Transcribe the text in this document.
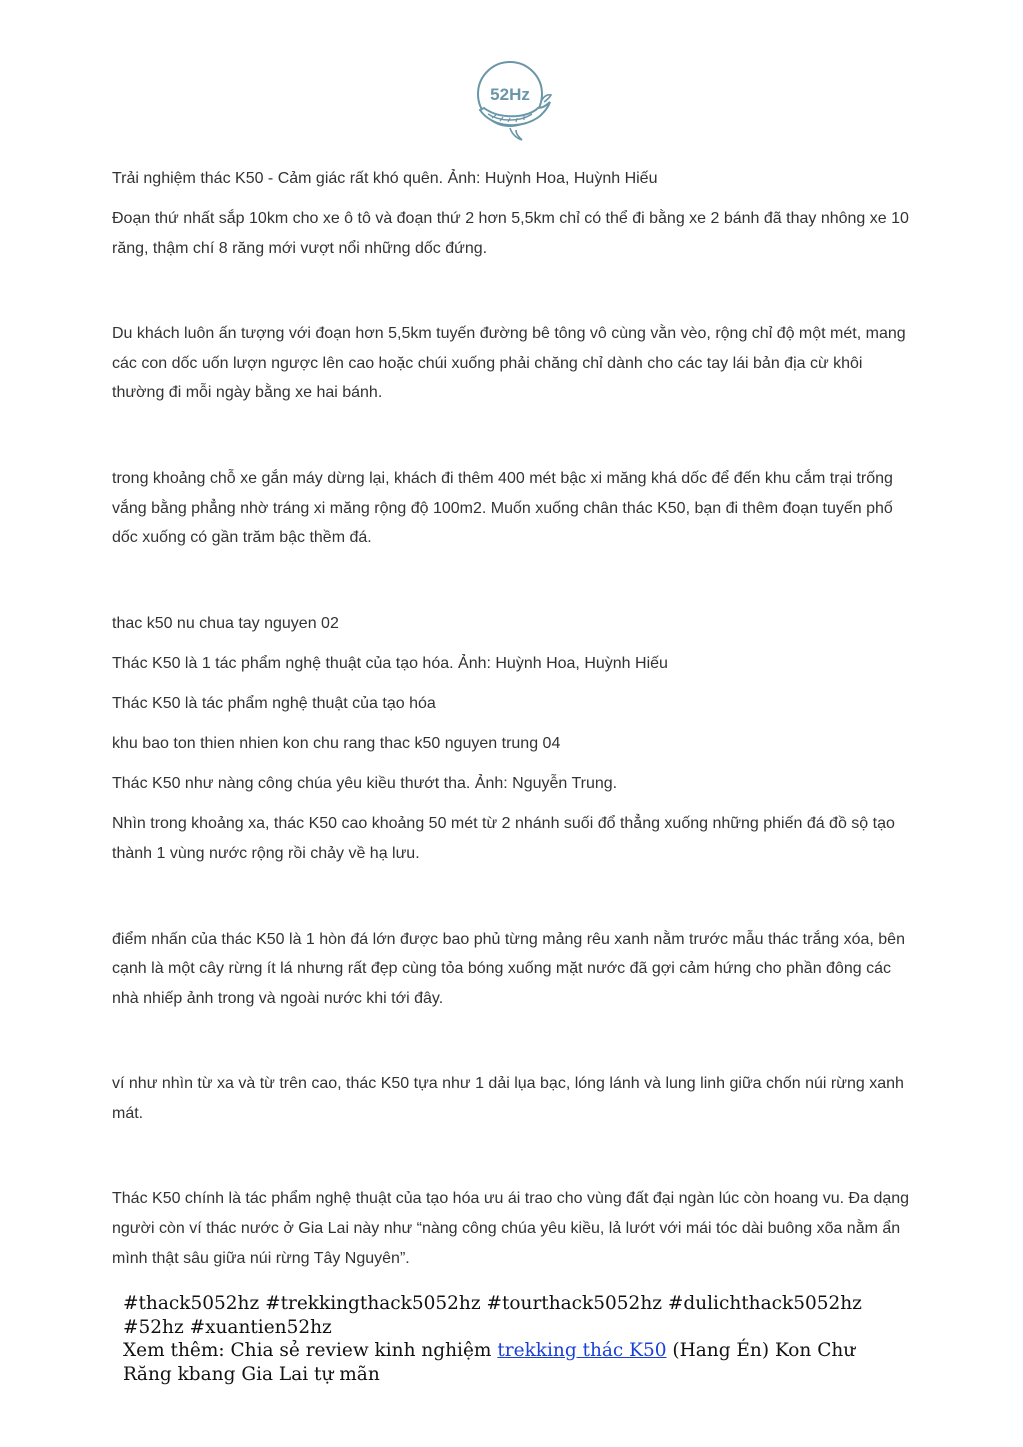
52Hz

Trải nghiệm thác K50 - Cảm giác rất khó quên. Ảnh: Huỳnh Hoa, Huỳnh Hiếu

Đoạn thứ nhất sắp 10km cho xe ô tô và đoạn thứ 2 hơn 5,5km chỉ có thể đi bằng xe 2 bánh đã thay nhông xe 10 răng, thậm chí 8 răng mới vượt nổi những dốc đứng.

Du khách luôn ấn tượng với đoạn hơn 5,5km tuyến đường bê tông vô cùng vằn vèo, rộng chỉ độ một mét, mang các con dốc uốn lượn ngược lên cao hoặc chúi xuống phải chăng chỉ dành cho các tay lái bản địa cừ khôi thường đi mỗi ngày bằng xe hai bánh.

trong khoảng chỗ xe gắn máy dừng lại, khách đi thêm 400 mét bậc xi măng khá dốc để đến khu cắm trại trống vắng bằng phẳng nhờ tráng xi măng rộng độ 100m2. Muốn xuống chân thác K50, bạn đi thêm đoạn tuyến phố dốc xuống có gần trăm bậc thềm đá.

thac k50 nu chua tay nguyen 02

Thác K50 là 1 tác phẩm nghệ thuật của tạo hóa. Ảnh: Huỳnh Hoa, Huỳnh Hiếu

Thác K50 là tác phẩm nghệ thuật của tạo hóa

khu bao ton thien nhien kon chu rang thac k50 nguyen trung 04

Thác K50 như nàng công chúa yêu kiều thướt tha. Ảnh: Nguyễn Trung.

Nhìn trong khoảng xa, thác K50 cao khoảng 50 mét từ 2 nhánh suối đổ thẳng xuống những phiến đá đồ sộ tạo thành 1 vùng nước rộng rồi chảy về hạ lưu.

điểm nhấn của thác K50 là 1 hòn đá lớn được bao phủ từng mảng rêu xanh nằm trước mẫu thác trắng xóa, bên cạnh là một cây rừng ít lá nhưng rất đẹp cùng tỏa bóng xuống mặt nước đã gợi cảm hứng cho phần đông các nhà nhiếp ảnh trong và ngoài nước khi tới đây.

ví như nhìn từ xa và từ trên cao, thác K50 tựa như 1 dải lụa bạc, lóng lánh và lung linh giữa chốn núi rừng xanh mát.

Thác K50 chính là tác phẩm nghệ thuật của tạo hóa ưu ái trao cho vùng đất đại ngàn lúc còn hoang vu. Đa dạng người còn ví thác nước ở Gia Lai này như “nàng công chúa yêu kiều, lả lướt với mái tóc dài buông xõa nằm ẩn mình thật sâu giữa núi rừng Tây Nguyên”.

#thack5052hz #trekkingthack5052hz #tourthack5052hz #dulichthack5052hz #52hz #xuantien52hz
Xem thêm: Chia sẻ review kinh nghiệm trekking thác K50 (Hang Én) Kon Chư Răng kbang Gia Lai tự mãn
